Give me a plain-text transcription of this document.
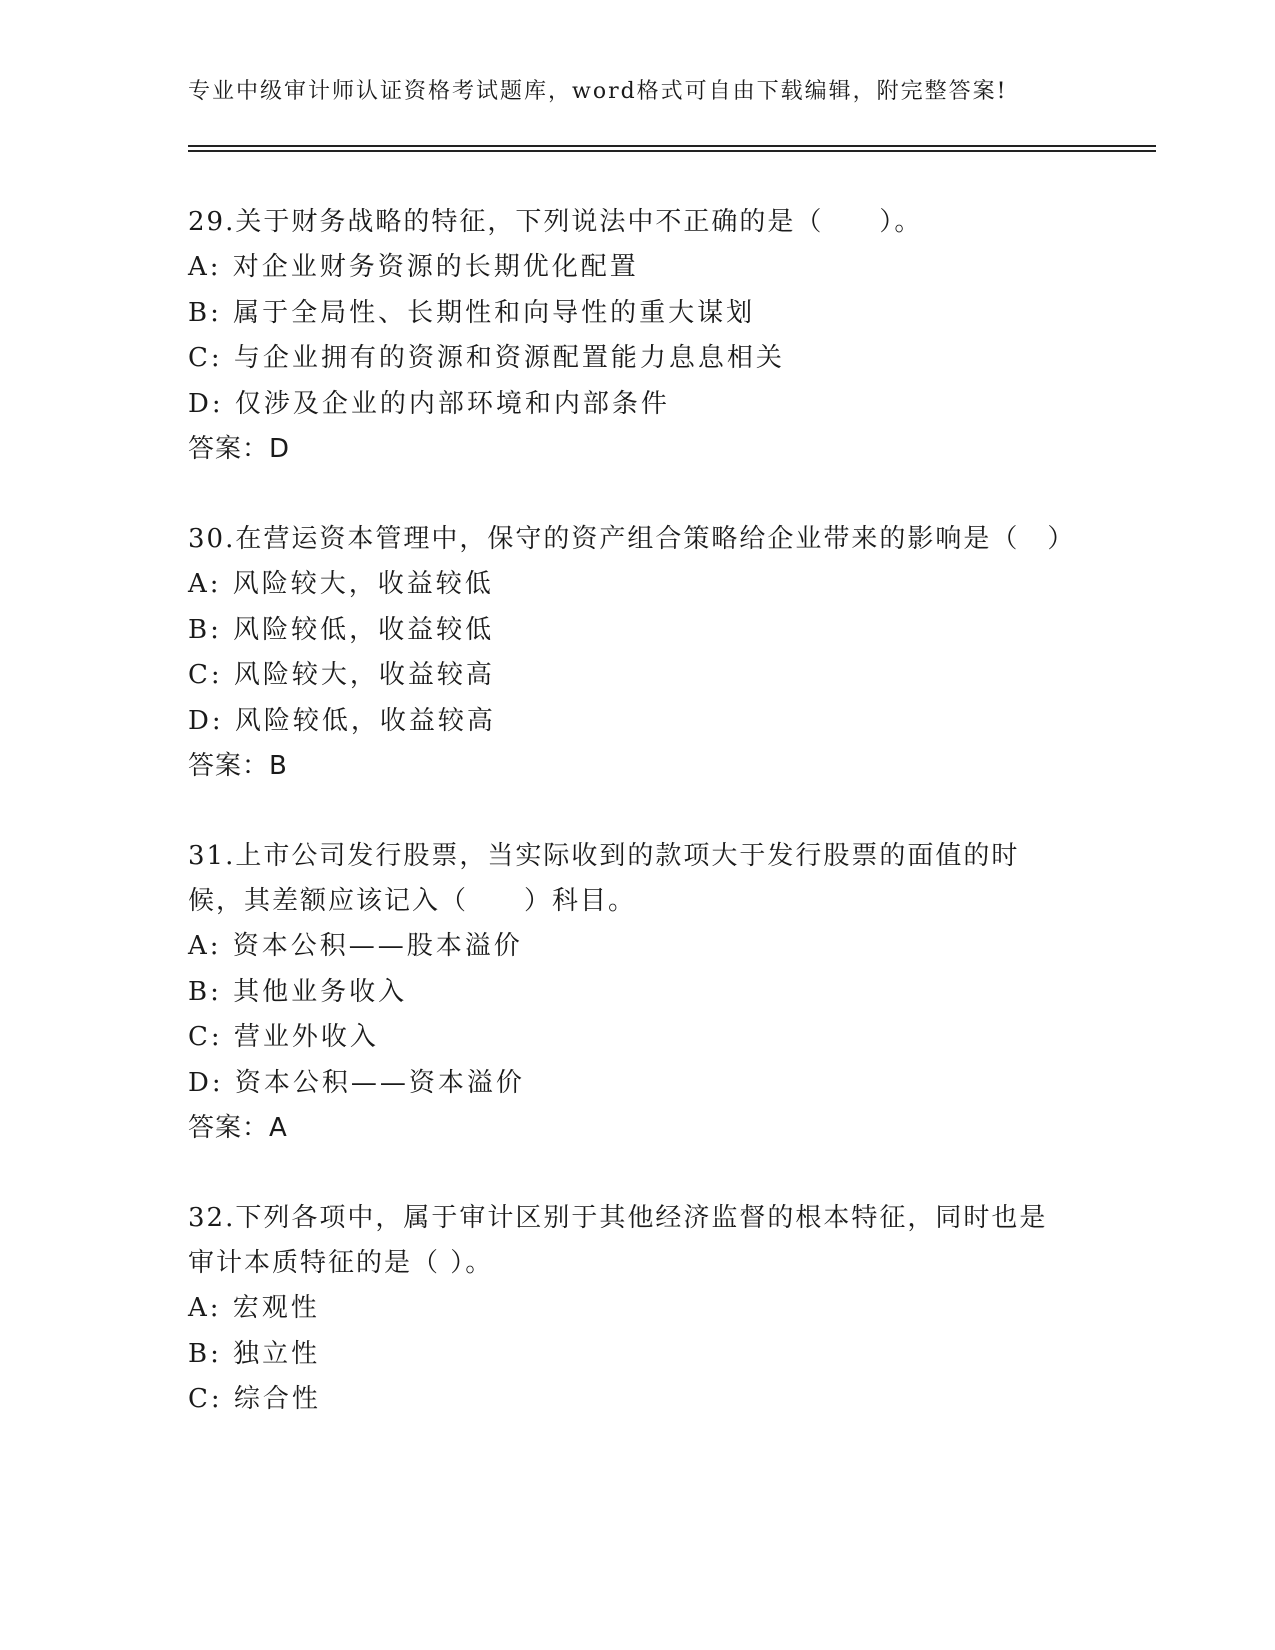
专业中级审计师认证资格考试题库，word格式可自由下载编辑，附完整答案!
29.关于财务战略的特征，下列说法中不正确的是（　　）。
A: 对企业财务资源的长期优化配置
B: 属于全局性、长期性和向导性的重大谋划
C: 与企业拥有的资源和资源配置能力息息相关
D: 仅涉及企业的内部环境和内部条件
答案：D
30.在营运资本管理中，保守的资产组合策略给企业带来的影响是（　）
A: 风险较大，收益较低
B: 风险较低，收益较低
C: 风险较大，收益较高
D: 风险较低，收益较高
答案：B
31.上市公司发行股票，当实际收到的款项大于发行股票的面值的时候，其差额应该记入（　　）科目。
A: 资本公积——股本溢价
B: 其他业务收入
C: 营业外收入
D: 资本公积——资本溢价
答案：A
32.下列各项中，属于审计区别于其他经济监督的根本特征，同时也是审计本质特征的是（ ）。
A: 宏观性
B: 独立性
C: 综合性
